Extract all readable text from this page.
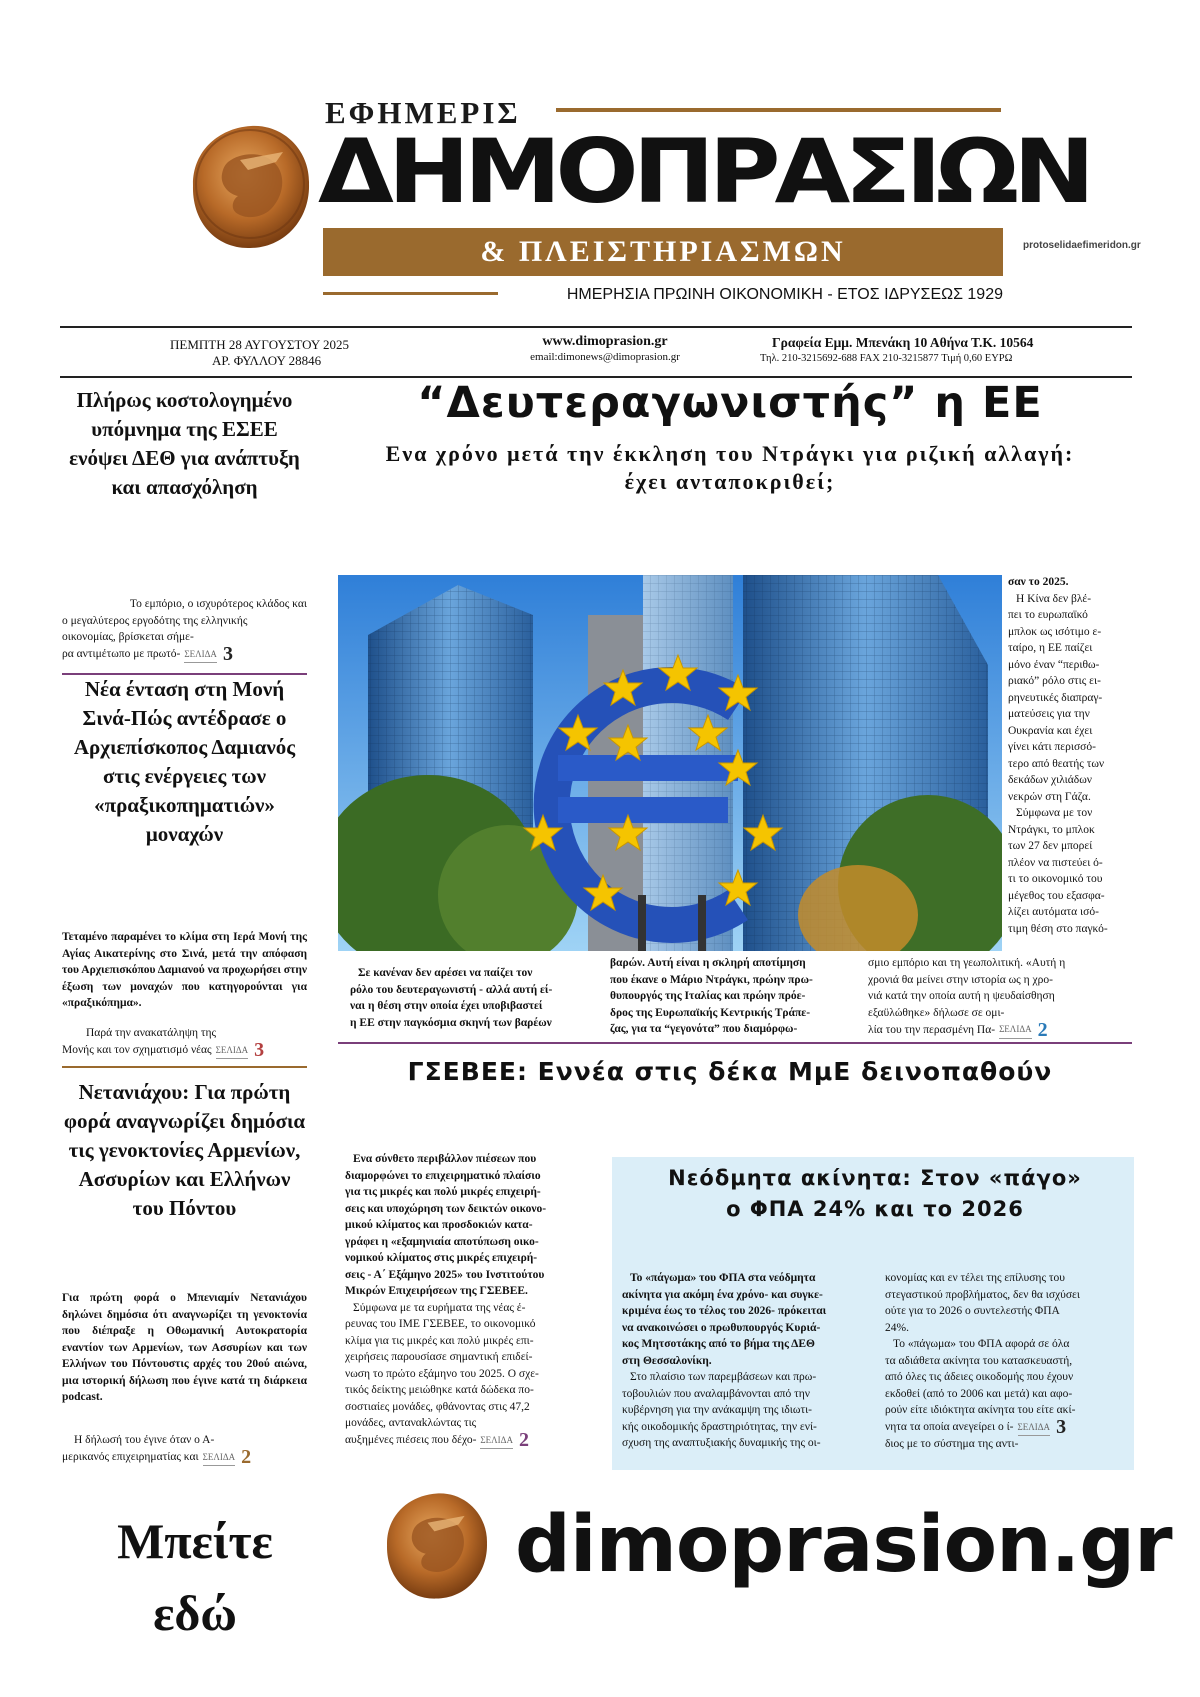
ΕΦΗΜΕΡΙΣ
ΔΗΜΟΠΡΑΣΙΩΝ
& ΠΛΕΙΣΤΗΡΙΑΣΜΩΝ
ΗΜΕΡΗΣΙΑ ΠΡΩΙΝΗ ΟΙΚΟΝΟΜΙΚΗ - ΕΤΟΣ ΙΔΡΥΣΕΩΣ 1929
protoselidaefimeridon.gr
ΠΕΜΠΤΗ 28 ΑΥΓΟΥΣΤΟΥ 2025
ΑΡ. ΦΥΛΛΟΥ 28846
www.dimoprasion.gr
email:dimonews@dimoprasion.gr
Γραφεία Εμμ. Μπενάκη 10 Αθήνα Τ.Κ. 10564
Τηλ. 210-3215692-688 FAX 210-3215877 Τιμή 0,60 ΕΥΡΩ
Πλήρως κοστολογημένο υπόμνημα της ΕΣΕΕ ενόψει ΔΕΘ για ανάπτυξη και απασχόληση
Το εμπόριο, ο ισχυρότερος κλάδος και
ο μεγαλύτερος εργοδότης της ελληνικής
οικονομίας, βρίσκεται σήμε-
ρα αντιμέτωπο με πρωτό- ΣΕΛΙΔΑ 3
Νέα ένταση στη Μονή Σινά-Πώς αντέδρασε ο Αρχιεπίσκοπος Δαμιανός στις ενέργειες των «πραξικοπηματιών» μοναχών
Τεταμένο παραμένει το κλίμα στη Ιερά Μονή της Αγίας Αικατερίνης στο Σινά, μετά την απόφαση του Αρχιεπισκόπου Δαμιανού να προχωρήσει στην έξωση των μοναχών που κατηγορούνται για «πραξικόπημα».
Παρά την ανακατάληψη της
Μονής και τον σχηματισμό νέας ΣΕΛΙΔΑ 3
Νετανιάχου: Για πρώτη φορά αναγνωρίζει δημόσια τις γενοκτονίες Αρμενίων, Ασσυρίων και Ελλήνων του Πόντου
Για πρώτη φορά ο Μπενιαμίν Νετανιάχου δηλώνει δημόσια ότι αναγνωρίζει τη γενοκτονία που διέπραξε η Οθωμανική Αυτοκρατορία εναντίον των Αρμενίων, των Ασσυρίων και των Ελλήνων του Πόντουστις αρχές του 20ού αιώνα, μια ιστορική δήλωση που έγινε κατά τη διάρκεια podcast.
Η δήλωσή του έγινε όταν ο Α-
μερικανός επιχειρηματίας και ΣΕΛΙΔΑ 2
“Δευτεραγωνιστής” η ΕΕ
Ενα χρόνο μετά την έκκληση του Ντράγκι για ριζική αλλαγή:
έχει ανταποκριθεί;
σαν το 2025.
Η Κίνα δεν βλέ-
πει το ευρωπαϊκό
μπλοκ ως ισότιμο ε-
ταίρο, η ΕΕ παίζει
μόνο έναν “περιθω-
ριακό” ρόλο στις ει-
ρηνευτικές διαπραγ-
ματεύσεις για την
Ουκρανία και έχει
γίνει κάτι περισσό-
τερο από θεατής των
δεκάδων χιλιάδων
νεκρών στη Γάζα.
Σύμφωνα με τον
Ντράγκι, το μπλοκ
των 27 δεν μπορεί
πλέον να πιστεύει ό-
τι το οικονομικό του
μέγεθος του εξασφα-
λίζει αυτόματα ισό-
τιμη θέση στο παγκό-
Σε κανέναν δεν αρέσει να παίζει τον
ρόλο του δευτεραγωνιστή - αλλά αυτή εί-
ναι η θέση στην οποία έχει υποβιβαστεί
η ΕΕ στην παγκόσμια σκηνή των βαρέων
βαρών. Αυτή είναι η σκληρή αποτίμηση
που έκανε ο Μάριο Ντράγκι, πρώην πρω-
θυπουργός της Ιταλίας και πρώην πρόε-
δρος της Ευρωπαϊκής Κεντρικής Τράπε-
ζας, για τα “γεγονότα” που διαμόρφω-
σμιο εμπόριο και τη γεωπολιτική. «Αυτή η
χρονιά θα μείνει στην ιστορία ως η χρο-
νιά κατά την οποία αυτή η ψευδαίσθηση
εξαϋλώθηκε» δήλωσε σε ομι-
λία του την περασμένη Πα- ΣΕΛΙΔΑ 2
ΓΣΕΒΕΕ: Εννέα στις δέκα ΜμΕ δεινοπαθούν
Ενα σύνθετο περιβάλλον πιέσεων που
διαμορφώνει το επιχειρηματικό πλαίσιο
για τις μικρές και πολύ μικρές επιχειρή-
σεις και υποχώρηση των δεικτών οικονο-
μικού κλίματος και προσδοκιών κατα-
γράφει η «εξαμηνιαία αποτύπωση οικο-
νομικού κλίματος στις μικρές επιχειρή-
σεις - Α΄ Εξάμηνο 2025» του Ινστιτούτου
Μικρών Επιχειρήσεων της ΓΣΕΒΕΕ.
Σύμφωνα με τα ευρήματα της νέας έ-
ρευνας του ΙΜΕ ΓΣΕΒΕΕ, το οικονομικό
κλίμα για τις μικρές και πολύ μικρές επι-
χειρήσεις παρουσίασε σημαντική επιδεί-
νωση το πρώτο εξάμηνο του 2025. Ο σχε-
τικός δείκτης μειώθηκε κατά δώδεκα πο-
σοστιαίες μονάδες, φθάνοντας στις 47,2
μονάδες, ανταναkλώντας τις
αυξημένες πιέσεις που δέχο- ΣΕΛΙΔΑ 2
Νεόδμητα ακίνητα: Στον «πάγο»
ο ΦΠΑ 24% και το 2026
Το «πάγωμα» του ΦΠΑ στα νεόδμητα
ακίνητα για ακόμη ένα χρόνο- και συγκε-
κριμένα έως το τέλος του 2026- πρόκειται
να ανακοινώσει ο πρωθυπουργός Κυριά-
κος Μητσοτάκης από το βήμα της ΔΕΘ
στη Θεσσαλονίκη.
Στο πλαίσιο των παρεμβάσεων και πρω-
τοβουλιών που αναλαμβάνονται από την
κυβέρνηση για την ανάκαμψη της ιδιωτι-
κής οικοδομικής δραστηριότητας, την ενί-
σχυση της αναπτυξιακής δυναμικής της οι-
κονομίας και εν τέλει της επίλυσης του
στεγαστικού προβλήματος, δεν θα ισχύσει
ούτε για το 2026 ο συντελεστής ΦΠΑ
24%.
Το «πάγωμα» του ΦΠΑ αφορά σε όλα
τα αδιάθετα ακίνητα του κατασκευαστή,
από όλες τις άδειες οικοδομής που έχουν
εκδοθεί (από το 2006 και μετά) και αφο-
ρούν είτε ιδιόκτητα ακίνητα του είτε ακί-
νητα τα οποία ανεγείρει ο ί- ΣΕΛΙΔΑ 3
διος με το σύστημα της αντι-
Μπείτε
εδώ
dimoprasion.gr
